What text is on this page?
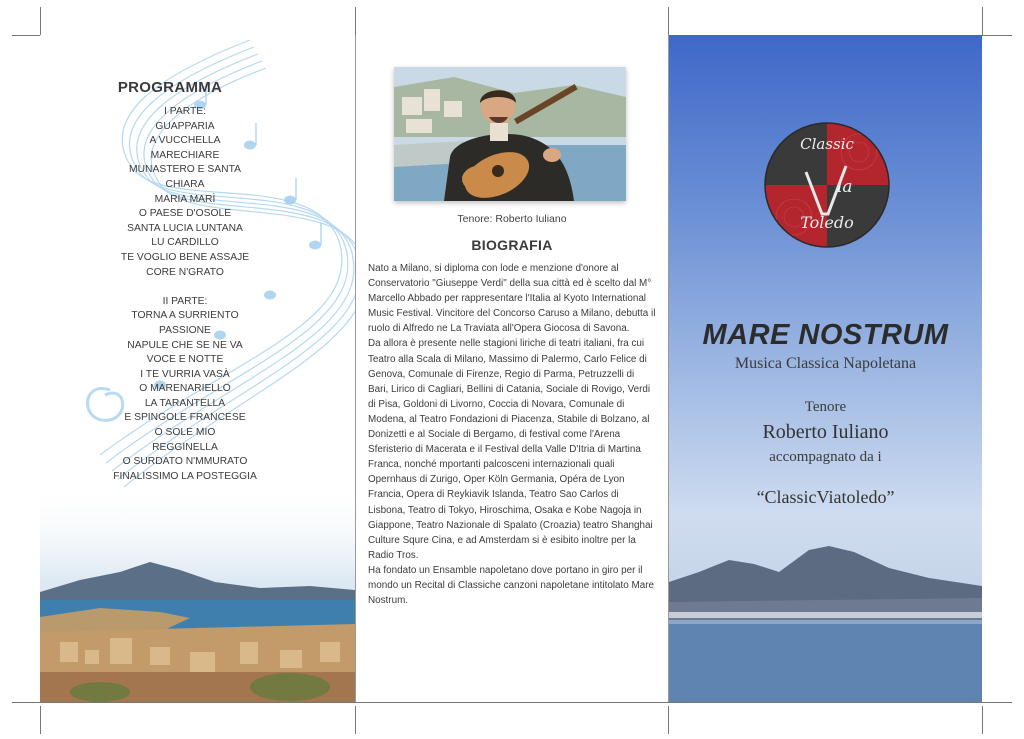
PROGRAMMA
I PARTE:
GUAPPARIA
A VUCCHELLA
MARECHIARE
MUNASTERO E SANTA
CHIARA
MARIA MARÌ
O PAESE D'OSOLE
SANTA LUCIA LUNTANA
LU CARDILLO
TE VOGLIO BENE ASSAJE
CORE N'GRATO
II PARTE:
TORNA A SURRIENTO
PASSIONE
NAPULE CHE SE NE VA
VOCE E NOTTE
I TE VURRIA VASÀ
O MARENARIELLO
LA TARANTELLA
E SPINGOLE FRANCESE
O SOLE MIO
REGGINELLA
O SURDATO N'MMURATO
FINALISSIMO LA POSTEGGIA
Tenore: Roberto Iuliano
BIOGRAFIA

Nato a Milano, si diploma con lode e menzione d'onore al Conservatorio "Giuseppe Verdi" della sua città ed è scelto dal M° Marcello Abbado per rappresentare l'Italia al Kyoto International Music Festival. Vincitore del Concorso Caruso a Milano, debutta il ruolo di Alfredo ne La Traviata all'Opera Giocosa di Savona.

Da allora è presente nelle stagioni liriche di teatri italiani, fra cui Teatro alla Scala di Milano, Massimo di Palermo, Carlo Felice di Genova, Comunale di Firenze, Regio di Parma, Petruzzelli di Bari, Lirico di Cagliari, Bellini di Catania, Sociale di Rovigo, Verdi di Pisa, Goldoni di Livorno, Coccia di Novara, Comunale di Modena, al Teatro Fondazioni di Piacenza, Stabile di Bolzano, al Donizetti e al Sociale di Bergamo, di festival come l'Arena Sferisterio di Macerata e il Festival della Valle D'Itria di Martina Franca, nonché mportanti palcosceni internazionali quali Opernhaus di Zurigo, Oper Köln Germania, Opéra de Lyon Francia, Opera di Reykiavik Islanda, Teatro Sao Carlos di Lisbona, Teatro di Tokyo, Hiroschima, Osaka e Kobe Nagoja in Giappone, Teatro Nazionale di Spalato (Croazia) teatro Shanghai Culture Squre Cina, e ad Amsterdam si è esibito inoltre per la Radio Tros.

Ha fondato un Ensamble napoletano dove portano in giro per il mondo un Recital di Classiche canzoni napoletane intitolato Mare Nostrum.

Classic
ia
Toledo
MARE NOSTRUM
Musica Classica Napoletana
Tenore
Roberto Iuliano
accompagnato da i
“ClassicViatoledo”
